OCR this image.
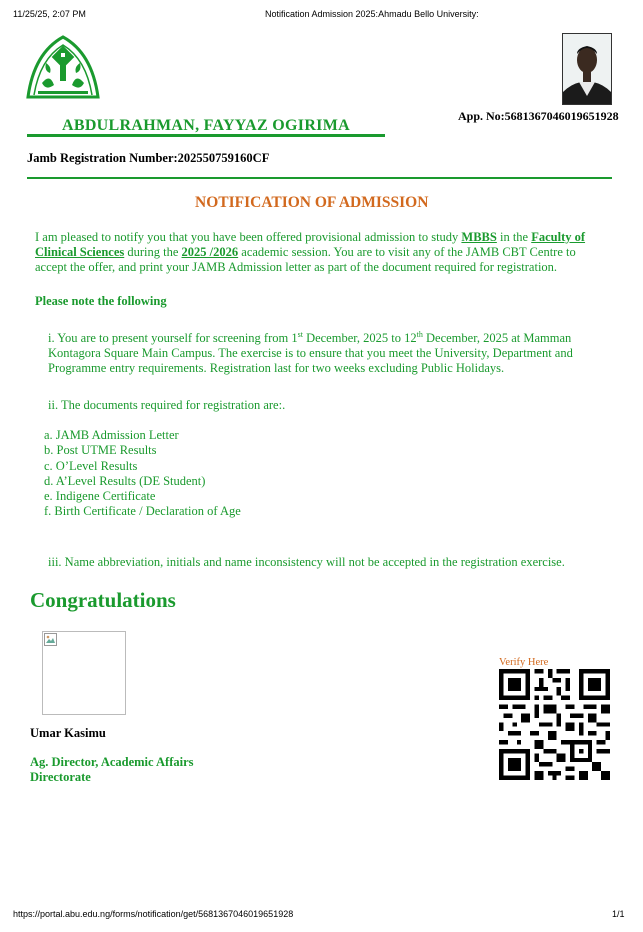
11/25/25, 2:07 PM	Notification Admission 2025:Ahmadu Bello University:
ABDULRAHMAN, FAYYAZ OGIRIMA
App. No:5681367046019651928
Jamb Registration Number:202550759160CF
NOTIFICATION OF ADMISSION
I am pleased to notify you that you have been offered provisional admission to study MBBS in the Faculty of
Clinical Sciences during the 2025 /2026 academic session. You are to visit any of the JAMB CBT Centre to
accept the offer, and print your JAMB Admission letter as part of the document required for registration.
Please note the following
i. You are to present yourself for screening from 1st December, 2025 to 12th December, 2025 at Mamman
Kontagora Square Main Campus. The exercise is to ensure that you meet the University, Department and
Programme entry requirements. Registration last for two weeks excluding Public Holidays.
ii. The documents required for registration are:.
a. JAMB Admission Letter
b. Post UTME Results
c. O’Level Results
d. A’Level Results (DE Student)
e. Indigene Certificate
f. Birth Certificate / Declaration of Age
iii. Name abbreviation, initials and name inconsistency will not be accepted in the registration exercise.
Congratulations
Umar Kasimu
Ag. Director, Academic Affairs
Directorate
Verify Here
https://portal.abu.edu.ng/forms/notification/get/5681367046019651928	1/1
